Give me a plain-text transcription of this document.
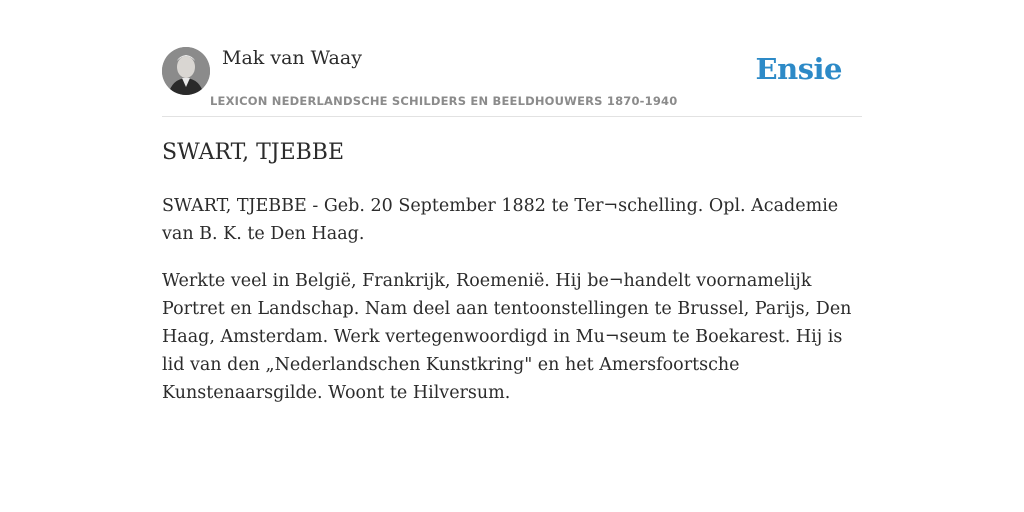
Mak van Waay
LEXICON NEDERLANDSCHE SCHILDERS EN BEELDHOUWERS 1870-1940
Ensie
SWART, TJEBBE

SWART, TJEBBE - Geb. 20 September 1882 te Ter¬schelling. Opl. Academie van B. K. te Den Haag.

Werkte veel in België, Frankrijk, Roemenië. Hij be¬handelt voornamelijk Portret en Landschap. Nam deel aan tentoonstellingen te Brussel, Parijs, Den Haag, Amsterdam. Werk vertegenwoordigd in Mu¬seum te Boekarest. Hij is lid van den „Nederlandschen Kunstkring" en het Amersfoortsche Kunstenaarsgilde. Woont te Hilversum.
